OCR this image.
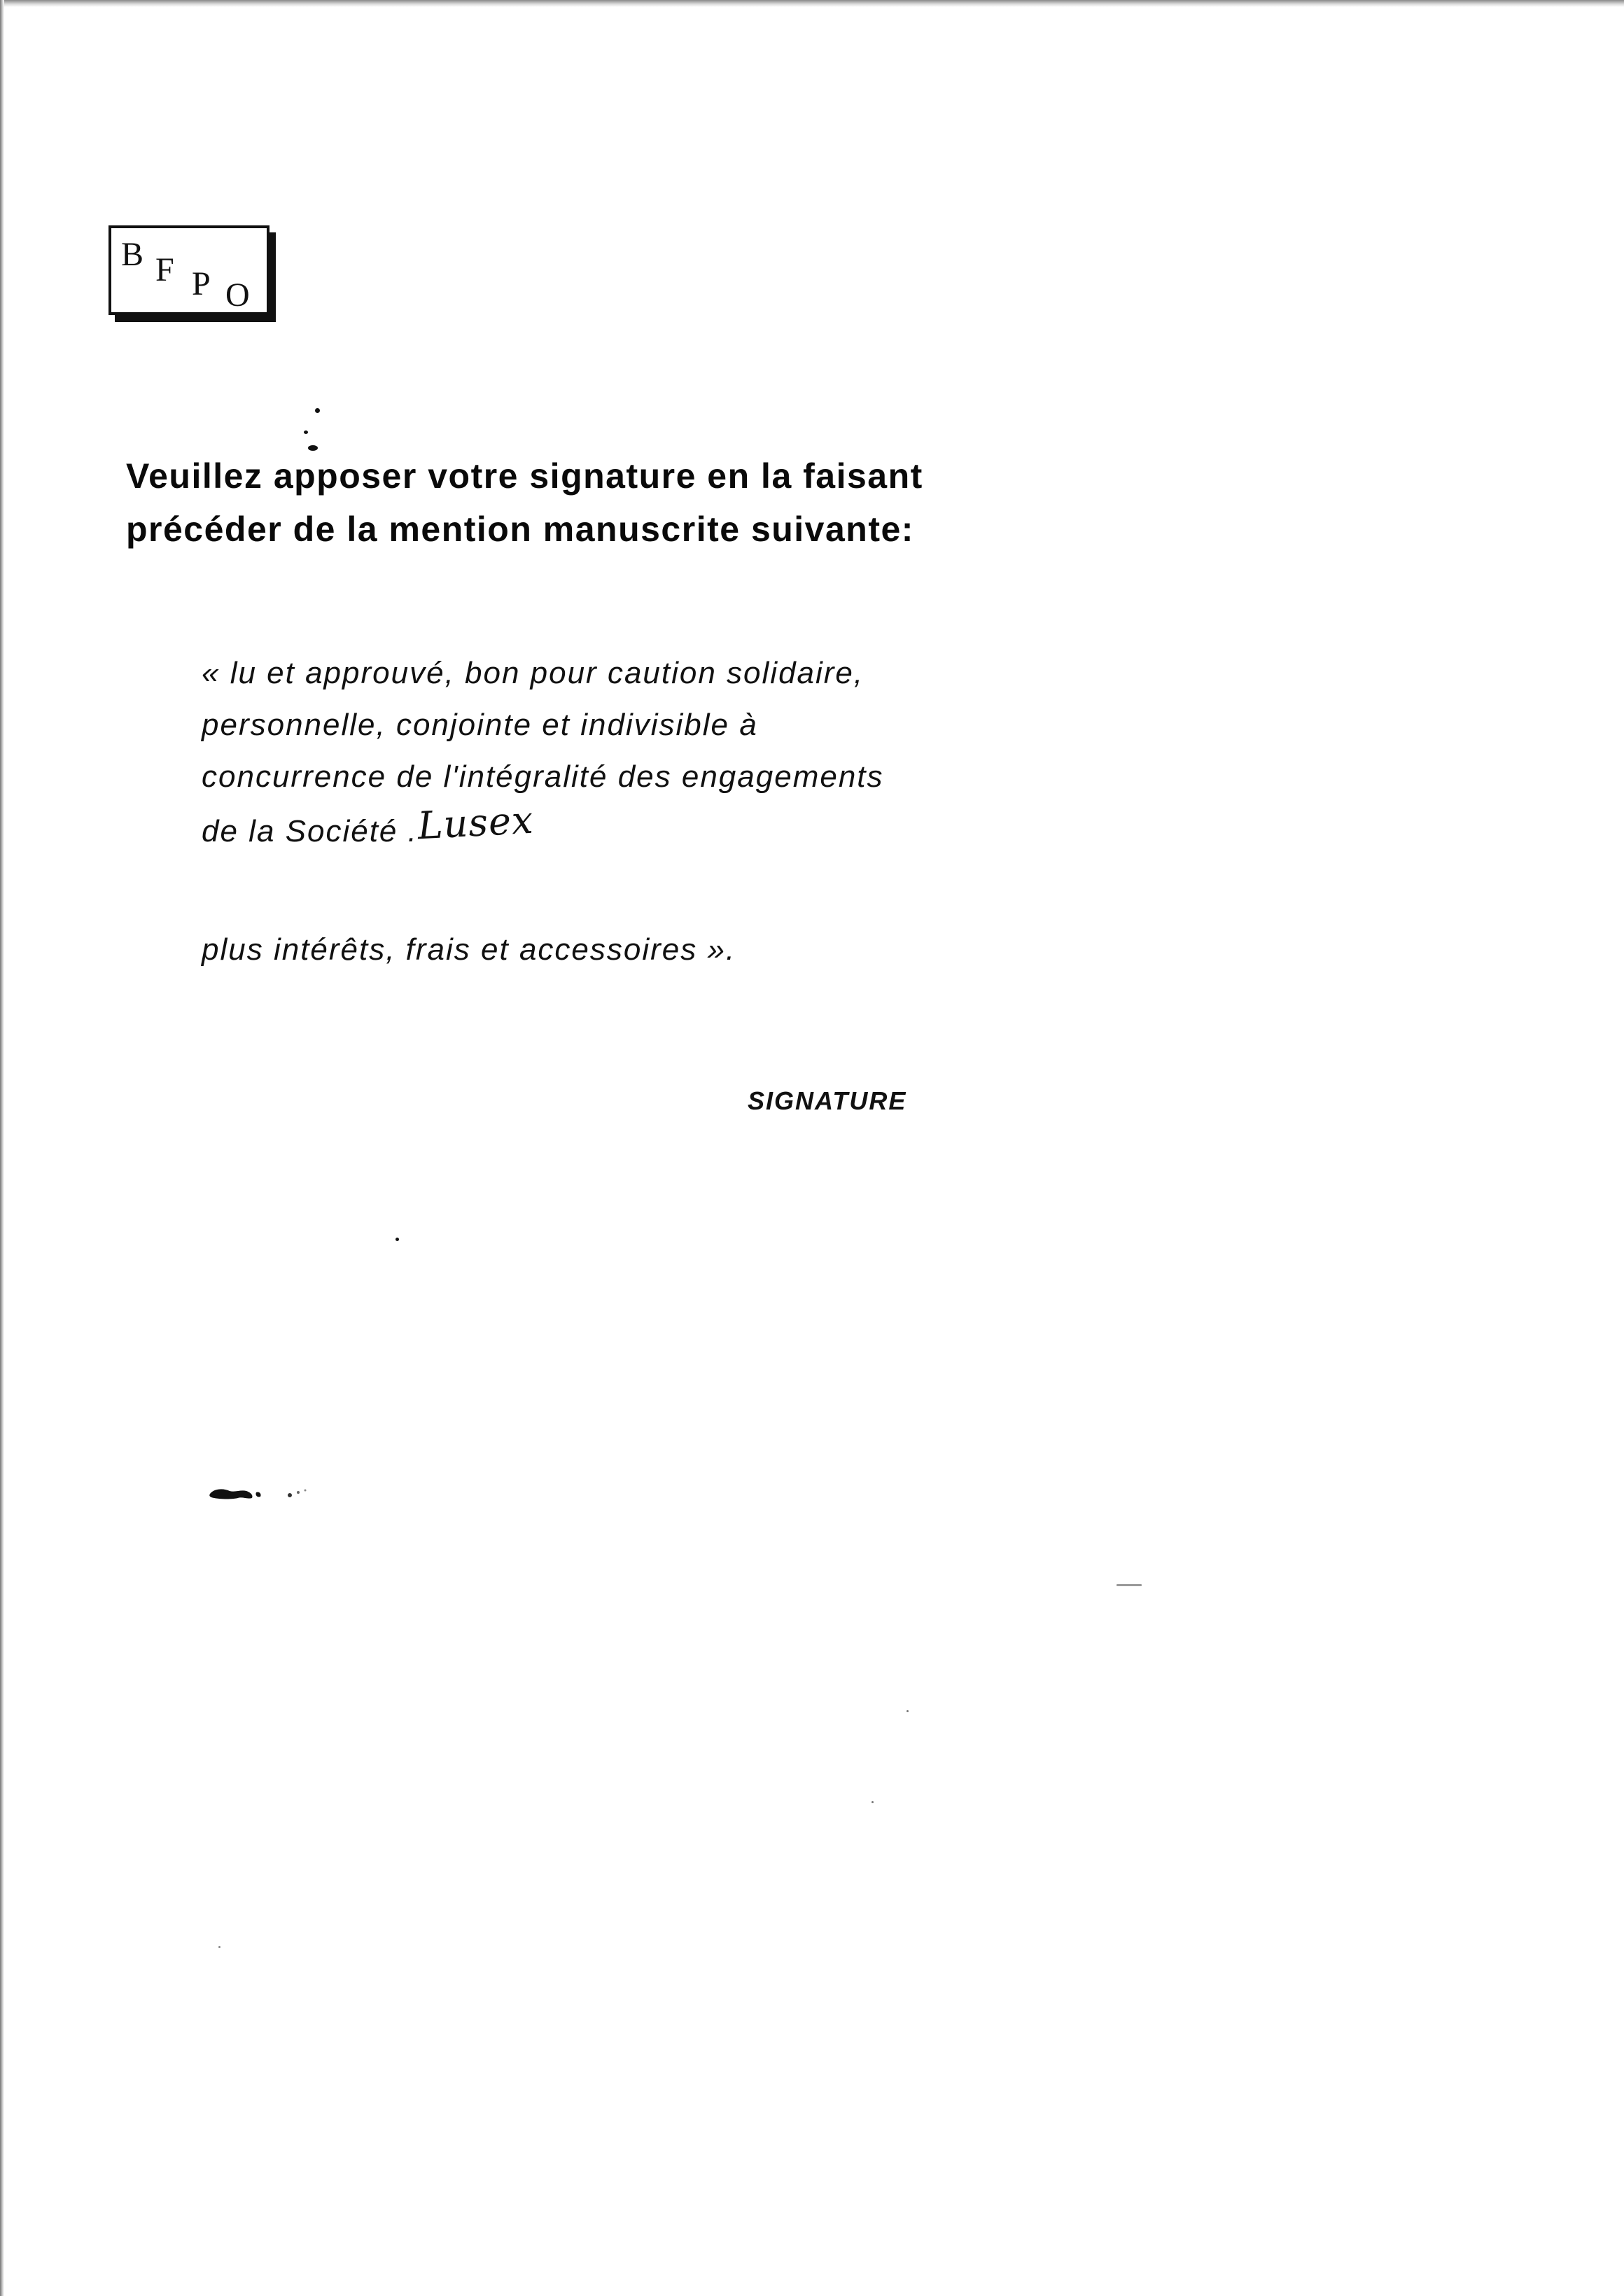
B F P O
Veuillez apposer votre signature en la faisant
précéder de la mention manuscrite suivante:
« lu et approuvé, bon pour caution solidaire,
personnelle, conjointe et indivisible à
concurrence de l'intégralité des engagements
de la Société .Lusex
plus intérêts, frais et accessoires ».
SIGNATURE
